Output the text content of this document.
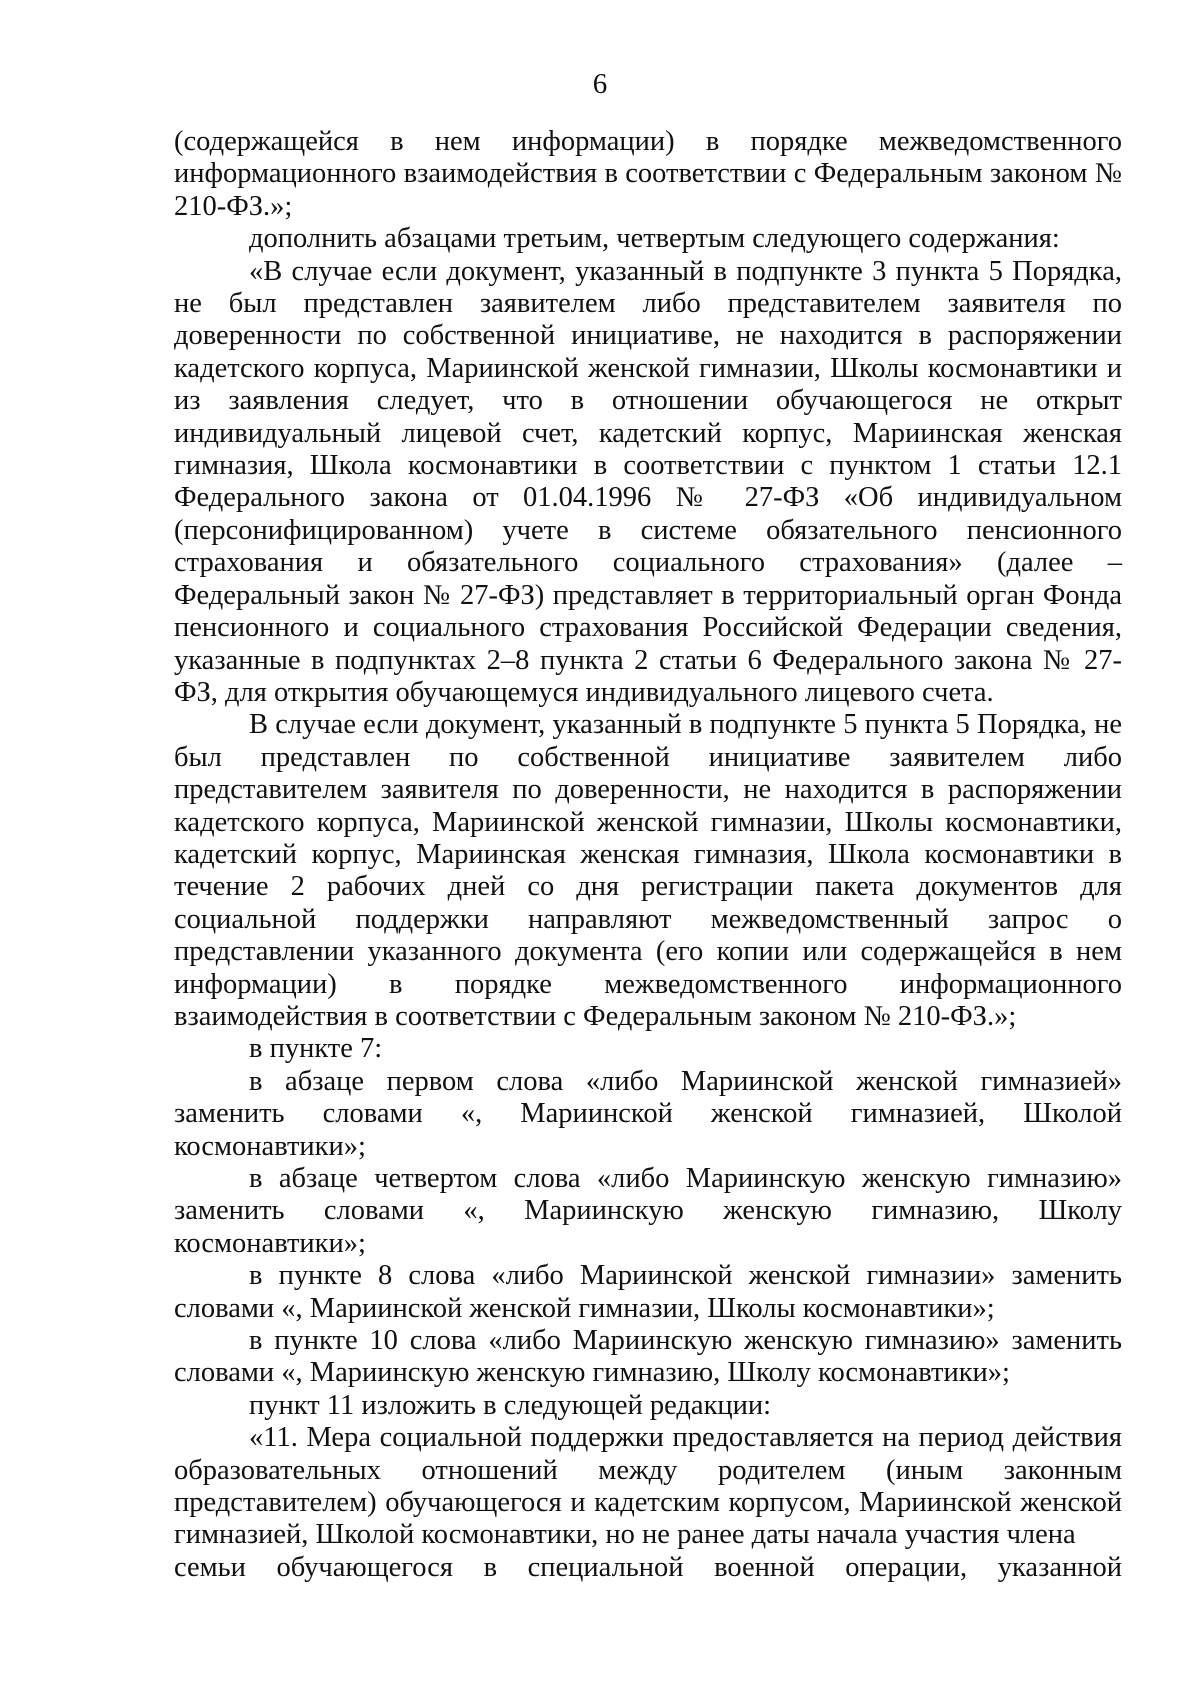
6

(содержащейся в нем информации) в порядке межведомственного информационного взаимодействия в соответствии с Федеральным законом № 210-ФЗ.»;

дополнить абзацами третьим, четвертым следующего содержания:

«В случае если документ, указанный в подпункте 3 пункта 5 Порядка, не был представлен заявителем либо представителем заявителя по доверенности по собственной инициативе, не находится в распоряжении кадетского корпуса, Мариинской женской гимназии, Школы космонавтики и из заявления следует, что в отношении обучающегося не открыт индивидуальный лицевой счет, кадетский корпус, Мариинская женская гимназия, Школа космонавтики в соответствии с пунктом 1 статьи 12.1 Федерального закона от 01.04.1996 № 27-ФЗ «Об индивидуальном (персонифицированном) учете в системе обязательного пенсионного страхования и обязательного социального страхования» (далее – Федеральный закон № 27-ФЗ) представляет в территориальный орган Фонда пенсионного и социального страхования Российской Федерации сведения, указанные в подпунктах 2–8 пункта 2 статьи 6 Федерального закона № 27-ФЗ, для открытия обучающемуся индивидуального лицевого счета.

В случае если документ, указанный в подпункте 5 пункта 5 Порядка, не был представлен по собственной инициативе заявителем либо представителем заявителя по доверенности, не находится в распоряжении кадетского корпуса, Мариинской женской гимназии, Школы космонавтики, кадетский корпус, Мариинская женская гимназия, Школа космонавтики в течение 2 рабочих дней со дня регистрации пакета документов для социальной поддержки направляют межведомственный запрос о представлении указанного документа (его копии или содержащейся в нем информации) в порядке межведомственного информационного взаимодействия в соответствии с Федеральным законом № 210-ФЗ.»;

в пункте 7:

в абзаце первом слова «либо Мариинской женской гимназией» заменить словами «, Мариинской женской гимназией, Школой космонавтики»;

в абзаце четвертом слова «либо Мариинскую женскую гимназию» заменить словами «, Мариинскую женскую гимназию, Школу космонавтики»;

в пункте 8 слова «либо Мариинской женской гимназии» заменить словами «, Мариинской женской гимназии, Школы космонавтики»;

в пункте 10 слова «либо Мариинскую женскую гимназию» заменить словами «, Мариинскую женскую гимназию, Школу космонавтики»;

пункт 11 изложить в следующей редакции:

«11. Мера социальной поддержки предоставляется на период действия образовательных отношений между родителем (иным законным представителем) обучающегося и кадетским корпусом, Мариинской женской гимназией, Школой космонавтики, но не ранее даты начала участия члена

семьи обучающегося в специальной военной операции, указанной
